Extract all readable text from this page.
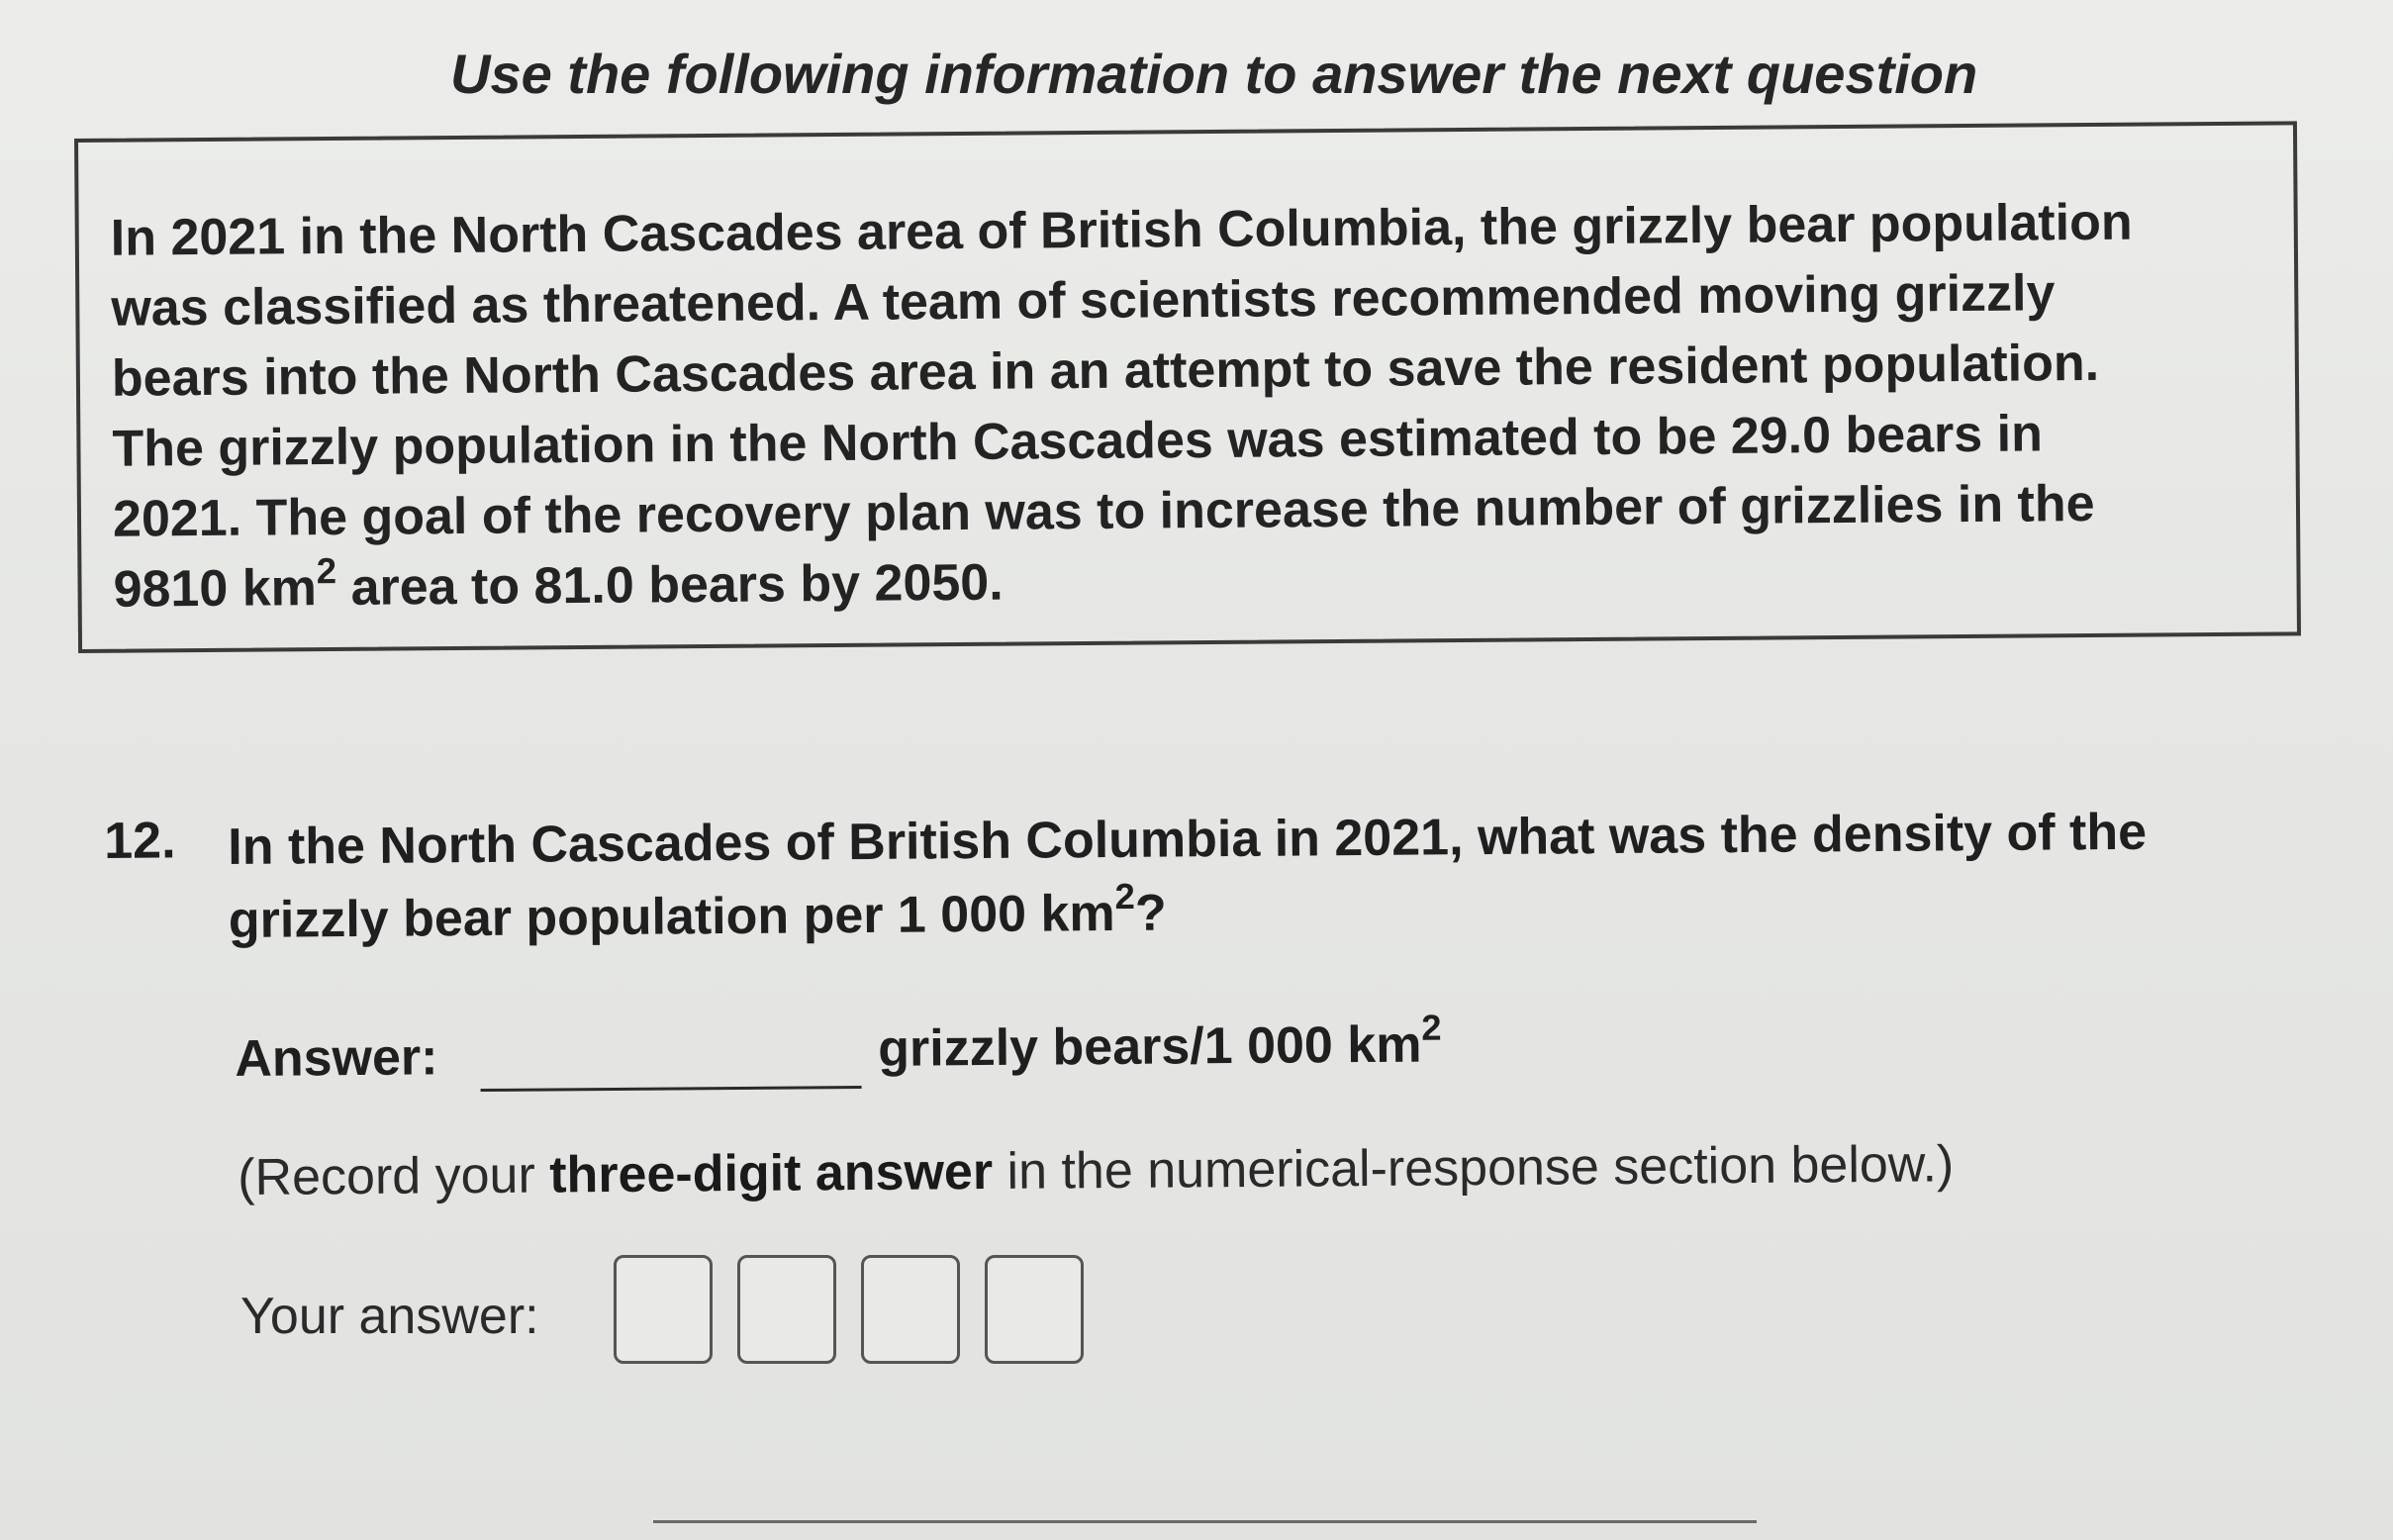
Use the following information to answer the next question

In 2021 in the North Cascades area of British Columbia, the grizzly bear population

was classified as threatened. A team of scientists recommended moving grizzly

bears into the North Cascades area in an attempt to save the resident population.

The grizzly population in the North Cascades was estimated to be 29.0 bears in

2021. The goal of the recovery plan was to increase the number of grizzlies in the

9810 $km^2$ area to 81.0 bears by 2050.

12. In the North Cascades of British Columbia in 2021, what was the density of the
grizzly bear population per 1 000 $km^2$?
Answer:	grizzly bears/1 000 $km^2$
(Record your three-digit answer in the numerical-response section below.)
Your answer:
